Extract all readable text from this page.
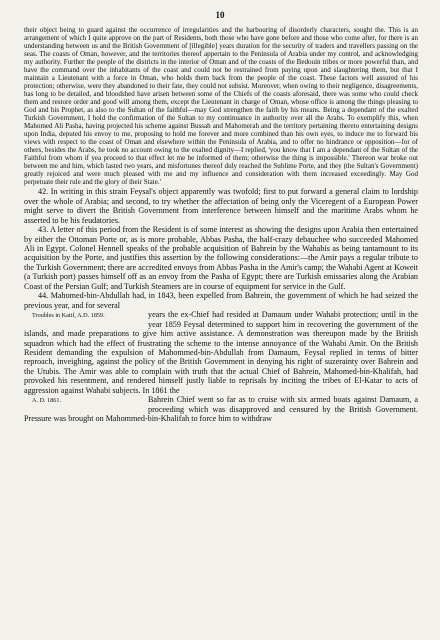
10

their object being to guard against the occurrence of irregularities and the harbouring of disorderly characters, sought the. This is an arrangement of which I quite approve on the part of Residents, both those who have gone before and those who come after, for there is an understanding between us and the British Government of [illegible] years duration for the security of traders and travellers passing on the seas. The coasts of Oman, however, and the territories thereof appertain to the Peninsula of Arabia under my control, and acknowledging my authority. Further the people of the districts in the interior of Oman and of the coasts of the Bedouin tribes or more powerful than, and have the command over the inhabitants of the coast and could not be restrained from paying upon and slaughtering them, but that I maintain a Lieutenant with a force in Oman, who holds them back from the people of the coast. These factors well assured of his protection; otherwise, were they abandoned to their fate, they could not subsist. Moreover, when owing to their negligence, disagreements, has long to be detailed, and bloodshed have arisen between some of the Chiefs of the coasts aforesaid, there was some who could check them and restore order and good will among them, except the Lieutenant in charge of Oman, whose office is among the things pleasing to God and his Prophet, as also to the Sultan of the faithful—may God strengthen the faith by his means. Being a dependant of the exalted Turkish Government, I hold the confirmation of the Sultan to my continuance in authority over all the Arabs. To exemplify this, when Mahomed Ali Pasha, having projected his scheme against Bussah and Mahomerah and the territory pertaining thereto entertaining designs upon India, deputed his envoy to me, proposing to hold me forever and more combined than his own eyes, to induce me to forward his views with respect to the coast of Oman and elsewhere within the Peninsula of Arabia, and to offer no hindrance or opposition—for of others, besides the Arabs, he took no account owing to the exalted dignity—I replied, 'you know that I am a dependant of the Sultan of the Faithful from whom if yea proceed to that effect let me be informed of them; otherwise the thing is impossible.' Thereon war broke out between me and him, which lasted two years, and misfortunes thereof duly reached the Sublime Porte, and they (the Sultan's Government) greatly rejoiced and were much pleased with me and my influence and consideration with them increased exceedingly. May God perpetuate their rule and the glory of their State.'

42. In writing in this strain Feysal's object apparently was twofold; first to put forward a general claim to lordship over the whole of Arabia; and second, to try whether the affectation of being only the Viceregent of a European Power might serve to divert the British Government from interference between himself and the maritime Arabs whom he asserted to be his feudatories.

43. A letter of this period from the Resident is of some interest as showing the designs upon Arabia then entertained by either the Ottoman Porte or, as is more probable, Abbas Pasha, the half-crazy debauchee who succeeded Mahomed Ali in Egypt. Colonel Hennell speaks of the probable acquisition of Bahrein by the Wahabis as being tantamount to its acquisition by the Porte, and justifies this assertion by the following considerations:—the Amir pays a regular tribute to the Turkish Government; there are accredited envoys from Abbas Pasha in the Amir's camp; the Wahabi Agent at Koweit (a Turkish port) passes himself off as an envoy from the Pasha of Egypt; there are Turkish emissaries along the Arabian Coast of the Persian Gulf; and Turkish Steamers are in course of equipment for service in the Gulf.

44. Mahomed-bin-Abdullah had, in 1843, been expelled from Bahrein, the government of which he had seized the previous year, and for several

Troubles in Katif, A.D. 1859.	years the ex-Chief had resided at Damaum under Wahabi protection; until in the year 1859 Feysal determined to support him in recovering the government of the islands, and made preparations to give him active assistance. A demonstration was thereupon made by the British squadron which had the effect of frustrating the scheme to the intense annoyance of the Wahabi Amir. On the British Resident demanding the expulsion of Mahommed-bin-Abdullah from Damaum, Feysal replied in terms of bitter reproach, inveighing, against the policy of the British Government in denying his right of suzerainty over Bahrein and the Utubis. The Amir was able to complain with truth that the actual Chief of Bahrein, Mahomed-bin-Khalifah, had provoked his resentment, and rendered himself justly liable to reprisals by inciting the tribes of El-Katar to acts of aggression against Wahabi subjects. In 1861 the

A. D. 1861.	Bahrein Chief went so far as to cruise with six armed boats against Damaum, a proceeding which was disapproved and censured by the British Government. Pressure was brought on Mahommed-bin-Khalifah to force him to withdraw
